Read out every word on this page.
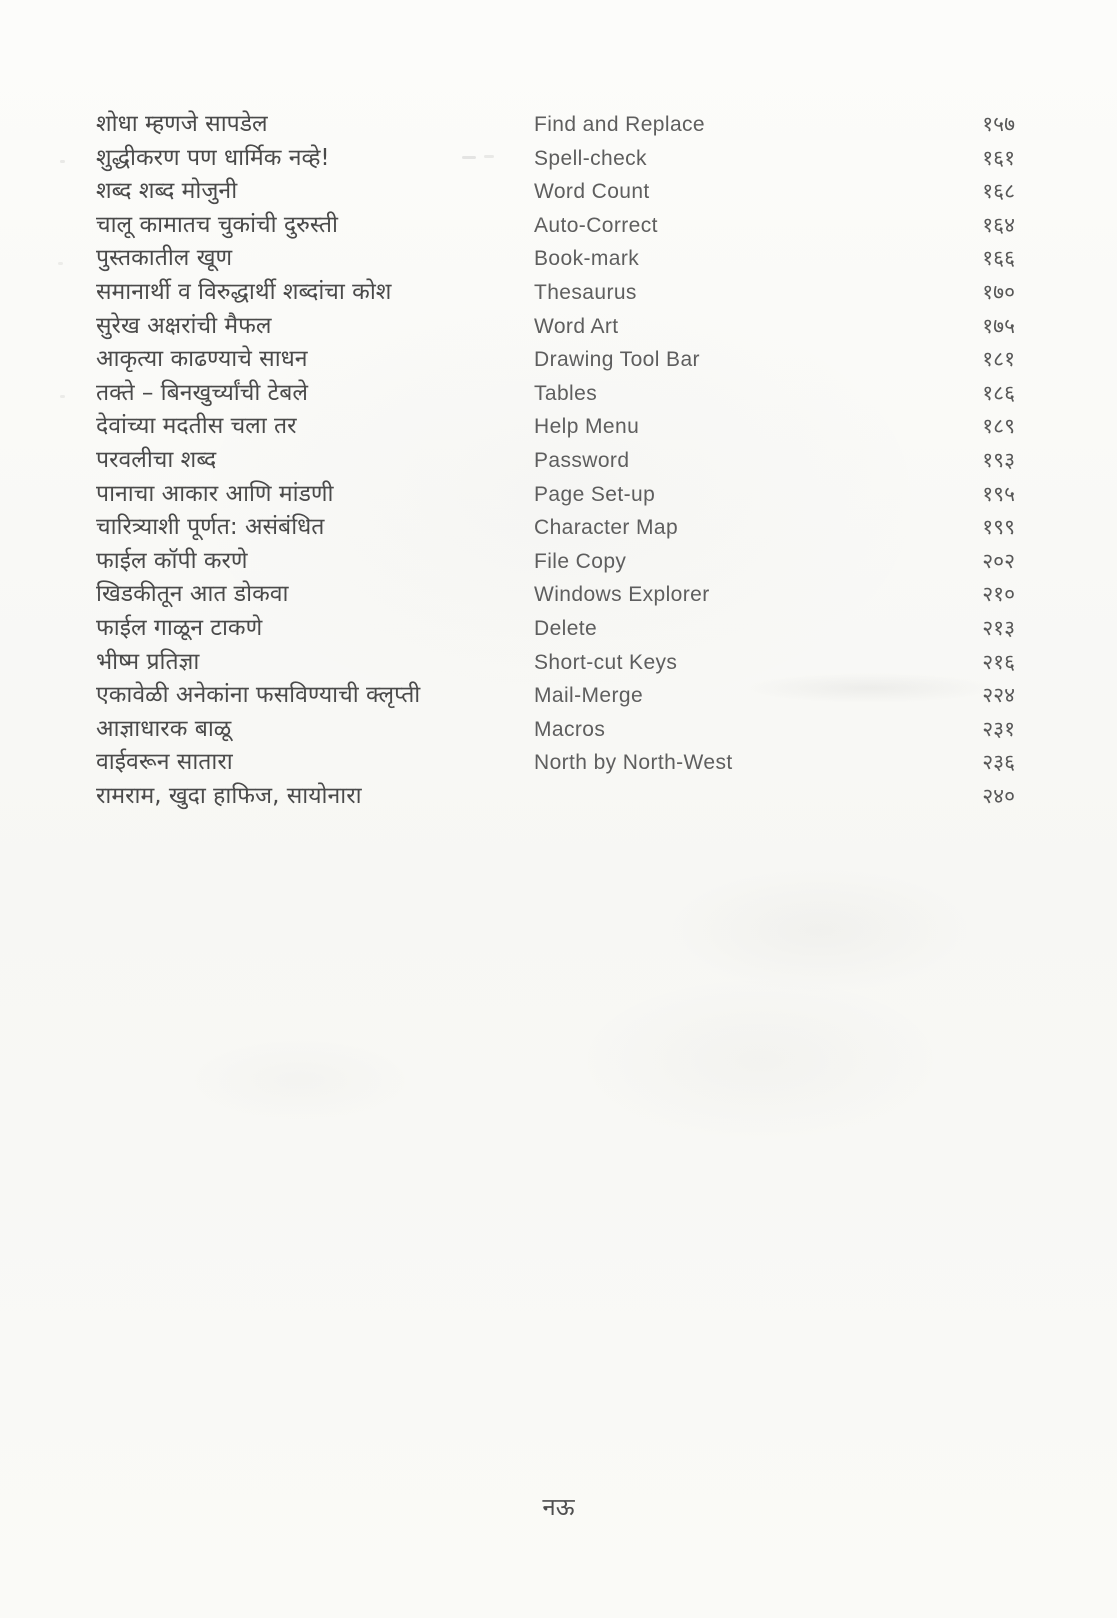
शोधा म्हणजे सापडेल	Find and Replace	१५७
शुद्धीकरण पण धार्मिक नव्हे!	Spell-check	१६१
शब्द शब्द मोजुनी	Word Count	१६८
चालू कामातच चुकांची दुरुस्ती	Auto-Correct	१६४
पुस्तकातील खूण	Book-mark	१६६
समानार्थी व विरुद्धार्थी शब्दांचा कोश	Thesaurus	१७०
सुरेख अक्षरांची मैफल	Word Art	१७५
आकृत्या काढण्याचे साधन	Drawing Tool Bar	१८१
तक्ते – बिनखुर्च्यांची टेबले	Tables	१८६
देवांच्या मदतीस चला तर	Help Menu	१८९
परवलीचा शब्द	Password	१९३
पानाचा आकार आणि मांडणी	Page Set-up	१९५
चारित्र्याशी पूर्णत: असंबंधित	Character Map	१९९
फाईल कॉपी करणे	File Copy	२०२
खिडकीतून आत डोकवा	Windows Explorer	२१०
फाईल गाळून टाकणे	Delete	२१३
भीष्म प्रतिज्ञा	Short-cut Keys	२१६
एकावेळी अनेकांना फसविण्याची क्लृप्ती	Mail-Merge	२२४
आज्ञाधारक बाळू	Macros	२३१
वाईवरून सातारा	North by North-West	२३६
रामराम, खुदा हाफिज, सायोनारा	२४०
नऊ
